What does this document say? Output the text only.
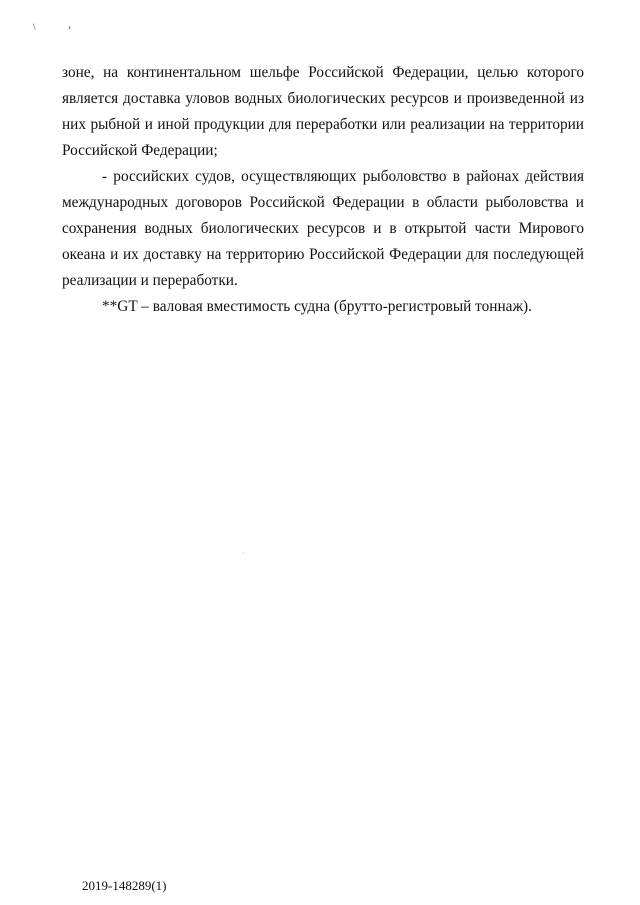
\	›

зоне, на континентальном шельфе Российской Федерации, целью которого является доставка уловов водных биологических ресурсов и произведенной из них рыбной и иной продукции для переработки или реализации на территории Российской Федерации;

- российских судов, осуществляющих рыболовство в районах действия международных договоров Российской Федерации в области рыболовства и сохранения водных биологических ресурсов и в открытой части Мирового океана и их доставку на территорию Российской Федерации для последующей реализации и переработки.

**GT – валовая вместимость судна (брутто-регистровый тоннаж).

2019-148289(1)
